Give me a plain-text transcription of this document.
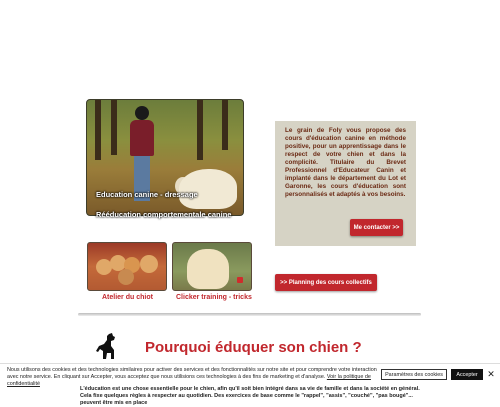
Education canine - dressage
Rééducation comportementale canine

Le grain de Foly vous propose des cours d'éducation canine en méthode positive, pour un apprentissage dans le respect de votre chien et dans la complicité. Titulaire du Brevet Professionnel d'Educateur Canin et implanté dans le département du Lot et Garonne, les cours d'éducation sont personnalisés et adaptés à vos besoins.

Me contacter >>
Atelier du chiot	Clicker training - tricks
>> Planning des cours collectifs
Pourquoi éduquer son chien ?
L'éducation est une chose essentielle pour le chien, afin qu'il soit bien intégré dans sa vie de famille et dans la société en général. Cela fixe quelques règles à respecter au quotidien. Des exercices de base comme le "rappel", "assis", "couché", "pas bougé"... peuvent être mis en place
Nous utilisons des cookies et des technologies similaires pour activer des services et des fonctionnalités sur notre site et pour comprendre votre interaction avec notre service. En cliquant sur Accepter, vous acceptez que nous utilisions ces technologies à des fins de marketing et d'analyse. Voir la politique de confidentialité
Paramètres des cookies	Accepter	✕
